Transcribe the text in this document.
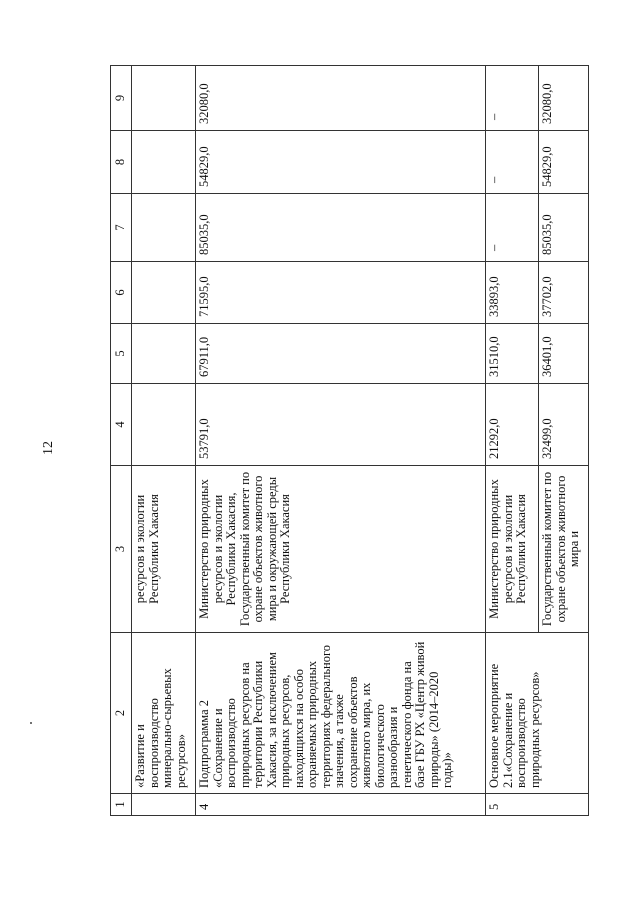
12
1	2	3	4	5	6	7	8	9
	«Развитие и воспроизводство минерально-сырьевых ресурсов»	ресурсов и экологии Республики Хакасия						
4	Подпрограмма 2 «Сохранение и воспроизводство природных ресурсов на территории Республики Хакасия, за исключением природных ресурсов, находящихся на особо охраняемых природных территориях федерального значения, а также сохранение объектов животного мира, их биологического разнообразия и генетического фонда на базе ГБУ РХ «Центр живой природы» (2014–2020 годы)»	Министерство природных ресурсов и экологии Республики Хакасия, Государственный комитет по охране объектов животного мира и окружающей среды Республики Хакасия	53791,0	67911,0	71595,0	85035,0	54829,0	32080,0
5	Основное мероприятие 2.1«Сохранение и воспроизводство природных ресурсов»	Министерство природных ресурсов и экологии Республики Хакасия	21292,0	31510,0	33893,0	–	–	–
		Государственный комитет по охране объектов животного мира и	32499,0	36401,0	37702,0	85035,0	54829,0	32080,0
